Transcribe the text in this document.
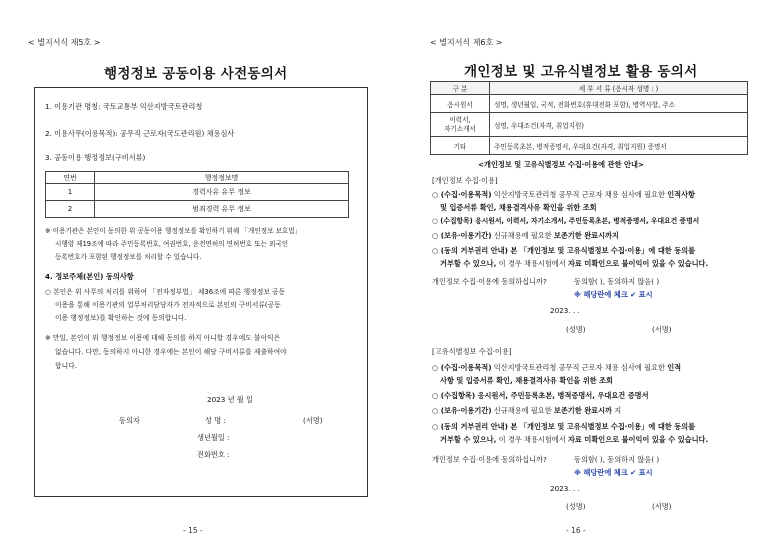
< 별지서식 제5호 >
행정정보 공동이용 사전동의서
1. 이용기관 명칭: 국토교통부 익산지방국토관리청
2. 이용사무(이용목적): 공무직 근로자(국도관리원) 채용심사
3. 공동이용 행정정보(구비서류)
연번	행정정보명
1	경력사유 유무 정보
2	범죄경력 유무 정보
※ 이용기관은 본인이 동의한 위 공동이용 행정정보를 확인하기 위해 「개인정보 보호법」
시행령 제19조에 따라 주민등록번호, 여권번호, 운전면허의 면허번호 또는 외국인
등록번호가 포함된 행정정보를 처리할 수 있습니다.
4. 정보주체(본인) 동의사항
○ 본인은 위 사무의 처리를 위하여 「전자정부법」 제36조에 따른 행정정보 공동
이용을 통해 이용기관의 업무처리담당자가 전자적으로 본인의 구비서류(공동
이용 행정정보)를 확인하는 것에 동의합니다.
※ 만일, 본인이 위 행정정보 이용에 대해 동의를 하지 아니할 경우에도 불이익은
없습니다. 다만, 동의하지 아니한 경우에는 본인이 해당 구비서류를 제출하여야
합니다.
2023 년 월 일
동의자	성 명 :	(서명)
생년월일 :
전화번호 :
- 15 -
< 별지서식 제6호 >
개인정보 및 고유식별정보 활용 동의서
구 분	세 부 서 류 (응시자 성명 : )
응시원서	성명, 생년월일, 국적, 전화번호(휴대전화 포함), 병역사항, 주소
이력서,
자기소개서	성명, 우대조건(자격, 취업지원)
기타	주민등록초본, 병적증명서, 우대요건(자격, 취업지원) 증명서
<개인정보 및 고유식별정보 수집‧이용에 관한 안내>
[개인정보 수집‧이용]
○ (수집‧이용목적) 익산지방국토관리청 공무직 근로자 채용 심사에 필요한 인적사항
및 입증서류 확인, 채용결격사유 확인을 위한 조회
○ (수집항목) 응시원서, 이력서, 자기소개서, 주민등록초본, 병적증명서, 우대요건 증명서
○ (보유‧이용기간) 신규채용에 필요한 보존기한 완료시까지
○ (동의 거부권리 안내) 본 「개인정보 및 고유식별정보 수집‧이용」에 대한 동의를
거부할 수 있으나, 이 경우 채용시험에서 자료 미확인으로 불이익이 있을 수 있습니다.
개인정보 수집‧이용에 동의하십니까?	동의함( ), 동의하지 않음( )
※ 해당란에 체크 ✔ 표시
2023. . .
(성명)	(서명)
[고유식별정보 수집‧이용]
○ (수집‧이용목적) 익산지방국토관리청 공무직 근로자 채용 심사에 필요한 인적
사항 및 입증서류 확인, 채용결격사유 확인을 위한 조회
○ (수집항목) 응시원서, 주민등록초본, 병적증명서, 우대요건 증명서
○ (보유‧이용기간) 신규채용에 필요한 보존기한 완료시까 지
○ (동의 거부권리 안내) 본 「개인정보 및 고유식별정보 수집‧이용」에 대한 동의를
거부할 수 있으나, 이 경우 채용시험에서 자료 미확인으로 불이익이 있을 수 있습니다.
개인정보 수집‧이용에 동의하십니까?	동의함( ), 동의하지 않음( )
※ 해당란에 체크 ✔ 표시
2023. . .
(성명)	(서명)
- 16 -
